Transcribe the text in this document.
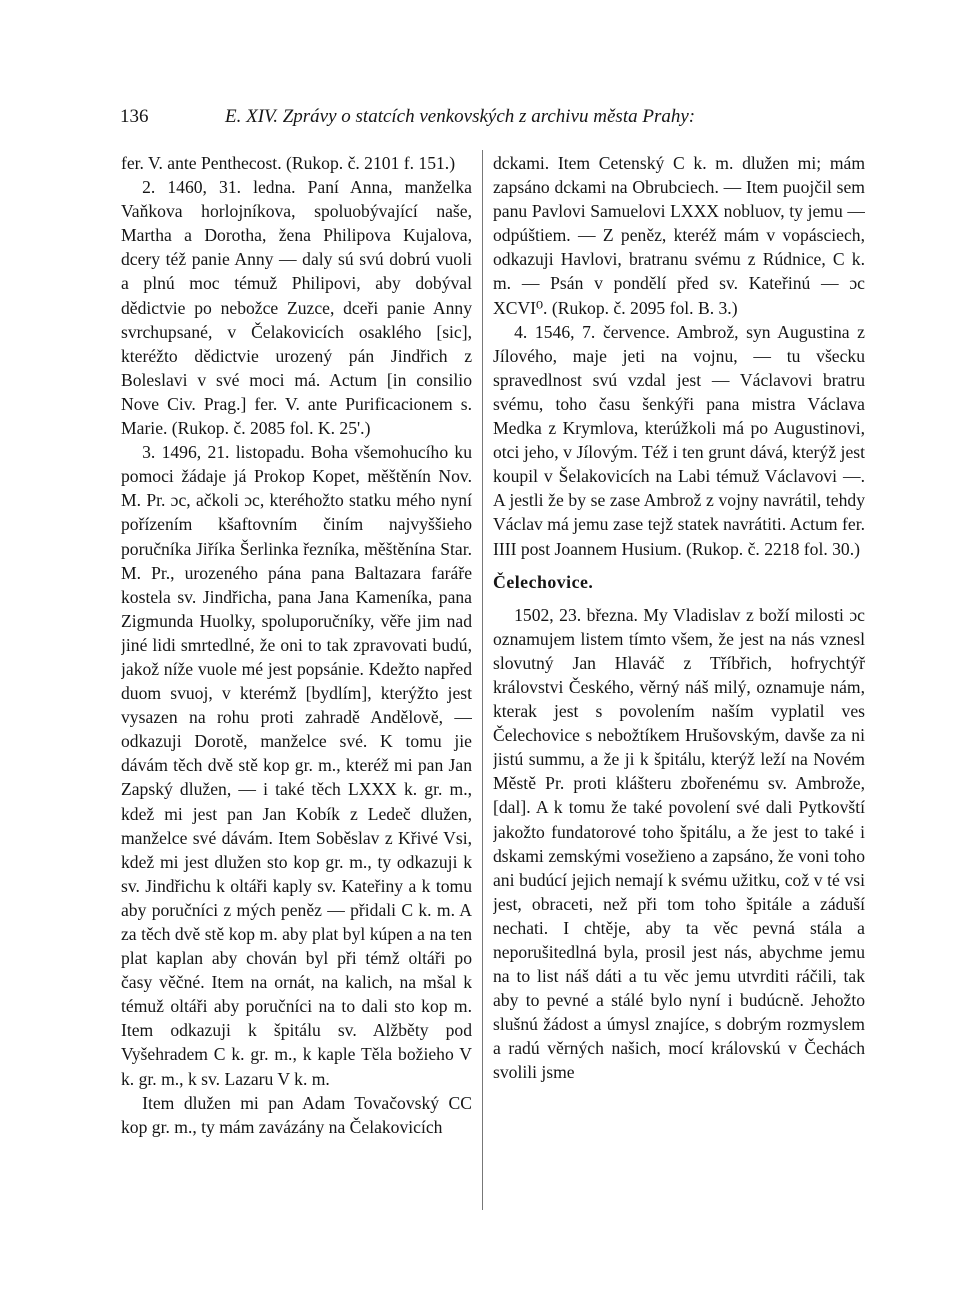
136	E. XIV. Zprávy o statcích venkovských z archivu města Prahy:

fer. V. ante Penthecost. (Rukop. č. 2101 f. 151.)

2. 1460, 31. ledna. Paní Anna, manželka Vaňkova horlojníkova, spoluobývající naše, Martha a Dorotha, žena Philipova Kujalova, dcery též panie Anny — daly sú svú dobrú vuoli a plnú moc témuž Philipovi, aby dobýval dědictvie po nebožce Zuzce, dceři panie Anny svrchupsané, v Čelakovicích osaklého [sic], kteréžto dědictvie urozený pán Jindřich z Boleslavi v své moci má. Actum [in consilio Nove Civ. Prag.] fer. V. ante Purificacionem s. Marie. (Rukop. č. 2085 fol. K. 25'.)

3. 1496, 21. listopadu. Boha všemohucího ku pomoci žádaje já Prokop Kopet, měštěnín Nov. M. Pr. ɔc, ačkoli ɔc, kteréhožto statku mého nyní pořízením kšaftovním činím najvyššieho poručníka Jiříka Šerlinka řezníka, měštěnína Star. M. Pr., urozeného pána pana Baltazara faráře kostela sv. Jindřicha, pana Jana Kameníka, pana Zigmunda Huolky, spoluporučníky, věře jim nad jiné lidi smrtedlné, že oni to tak zpravovati budú, jakož níže vuole mé jest popsánie. Kdežto napřed duom svuoj, v kterémž [bydlím], kterýžto jest vysazen na rohu proti zahradě Andělově, — odkazuji Dorotě, manželce své. K tomu jie dávám těch dvě stě kop gr. m., kteréž mi pan Jan Zapský dlužen, — i také těch LXXX k. gr. m., kdež mi jest pan Jan Kobík z Ledeč dlužen, manželce své dávám. Item Soběslav z Křivé Vsi, kdež mi jest dlužen sto kop gr. m., ty odkazuji k sv. Jindřichu k oltáři kaply sv. Kateřiny a k tomu aby poručníci z mých peněz — přidali C k. m. A za těch dvě stě kop m. aby plat byl kúpen a na ten plat kaplan aby chován byl při témž oltáři po časy věčné. Item na ornát, na kalich, na mšal k témuž oltáři aby poručníci na to dali sto kop m. Item odkazuji k špitálu sv. Alžběty pod Vyšehradem C k. gr. m., k kaple Těla božieho V k. gr. m., k sv. Lazaru V k. m.

Item dlužen mi pan Adam Tovačovský CC kop gr. m., ty mám zavázány na Čelakovicích

dckami. Item Cetenský C k. m. dlužen mi; mám zapsáno dckami na Obrubciech. — Item puojčil sem panu Pavlovi Samuelovi LXXX nobluov, ty jemu — odpúštiem. — Z peněz, kteréž mám v vopásciech, odkazuji Havlovi, bratranu svému z Rúdnice, C k. m. — Psán v pondělí před sv. Kateřinú — ɔc XCVI⁰. (Rukop. č. 2095 fol. B. 3.)

4. 1546, 7. července. Ambrož, syn Augustina z Jílového, maje jeti na vojnu, — tu všecku spravedlnost svú vzdal jest — Václavovi bratru svému, toho času šenkýři pana mistra Václava Medka z Krymlova, kterúžkoli má po Augustinovi, otci jeho, v Jílovým. Též i ten grunt dává, kterýž jest koupil v Šelakovicích na Labi témuž Václavovi —. A jestli že by se zase Ambrož z vojny navrátil, tehdy Václav má jemu zase tejž statek navrátiti. Actum fer. IIII post Joannem Husium. (Rukop. č. 2218 fol. 30.)

Čelechovice.

1502, 23. března. My Vladislav z boží milosti ɔc oznamujem listem tímto všem, že jest na nás vznesl slovutný Jan Hlaváč z Tříbřich, hofrychtýř královstvi Českého, věrný náš milý, oznamuje nám, kterak jest s povolením naším vyplatil ves Čelechovice s nebožtíkem Hrušovským, davše za ni jistú summu, a že ji k špitálu, kterýž leží na Novém Městě Pr. proti klášteru zbořenému sv. Ambrože, [dal]. A k tomu že také povolení své dali Pytkovští jakožto fundatorové toho špitálu, a že jest to také i dskami zemskými vosežieno a zapsáno, že voni toho ani budúcí jejich nemají k svému užitku, což v té vsi jest, obraceti, než při tom toho špitále a záduší nechati. I chtěje, aby ta věc pevná stála a neporušitedlná byla, prosil jest nás, abychme jemu na to list náš dáti a tu věc jemu utvrditi ráčili, tak aby to pevné a stálé bylo nyní i budúcně. Jehožto slušnú žádost a úmysl znajíce, s dobrým rozmyslem a radú věrných našich, mocí královskú v Čechách svolili jsme
